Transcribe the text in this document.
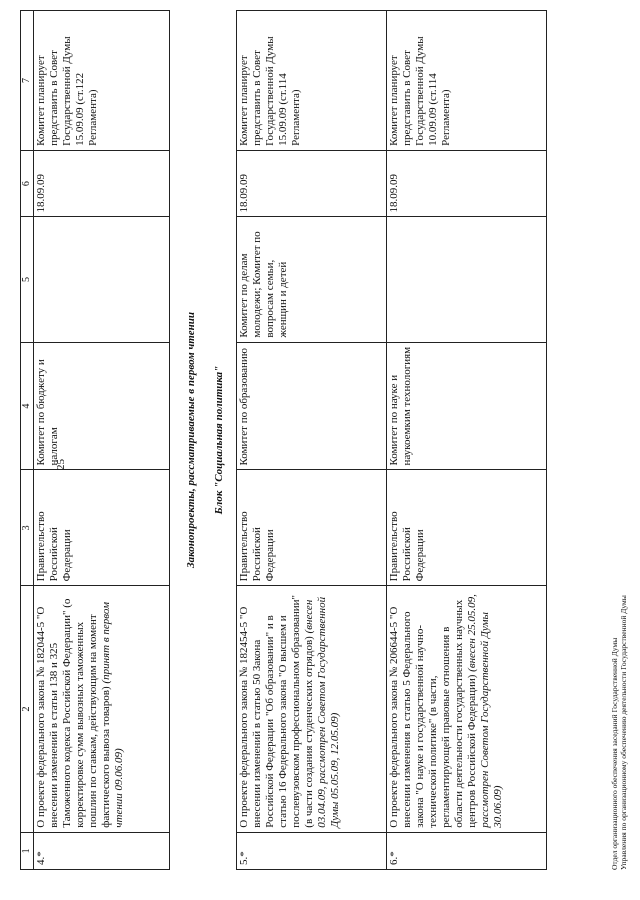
25
1	2	3	4	5	6	7
4.*	О проекте федерального закона № 182044-5 "О внесении изменений в статьи 138 и 325 Таможенного кодекса Российской Федерации" (о корректировке сумм вывозных таможенных пошлин по ставкам, действующим на момент фактического вывоза товаров) (принят в первом чтении 09.06.09)	Правительство Российской Федерации	Комитет по бюджету и налогам		18.09.09	Комитет планирует представить в Совет Государственной Думы 15.09.09 (ст.122 Регламента)
Законопроекты, рассматриваемые в первом чтении Блок "Социальная политика"
5.*	О проекте федерального закона № 182454-5 "О внесении изменений в статью 50 Закона Российской Федерации "Об образовании" и в статью 16 Федерального закона "О высшем и послевузовском профессиональном образовании" (в части создания студенческих отрядов) (внесен 03.04.09, рассмотрен Советом Государственной Думы 05.05.09, 12.05.09)	Правительство Российской Федерации	Комитет по образованию	Комитет по делам молодежи; Комитет по вопросам семьи, женщин и детей	18.09.09	Комитет планирует представить в Совет Государственной Думы 15.09.09 (ст.114 Регламента)
6.*	О проекте федерального закона № 206644-5 "О внесении изменения в статью 5 Федерального закона "О науке и государственной научно-технической политике" (в части, регламентирующей правовые отношения в области деятельности государственных научных центров Российской Федерации) (внесен 25.05.09, рассмотрен Советом Государственной Думы 30.06.09)	Правительство Российской Федерации	Комитет по науке и наукоемким технологиям		18.09.09	Комитет планирует представить в Совет Государственной Думы 10.09.09 (ст.114 Регламента)
Отдел организационного обеспечения заседаний Государственной Думы Управления по организационному обеспечению деятельности Государственной Думы
